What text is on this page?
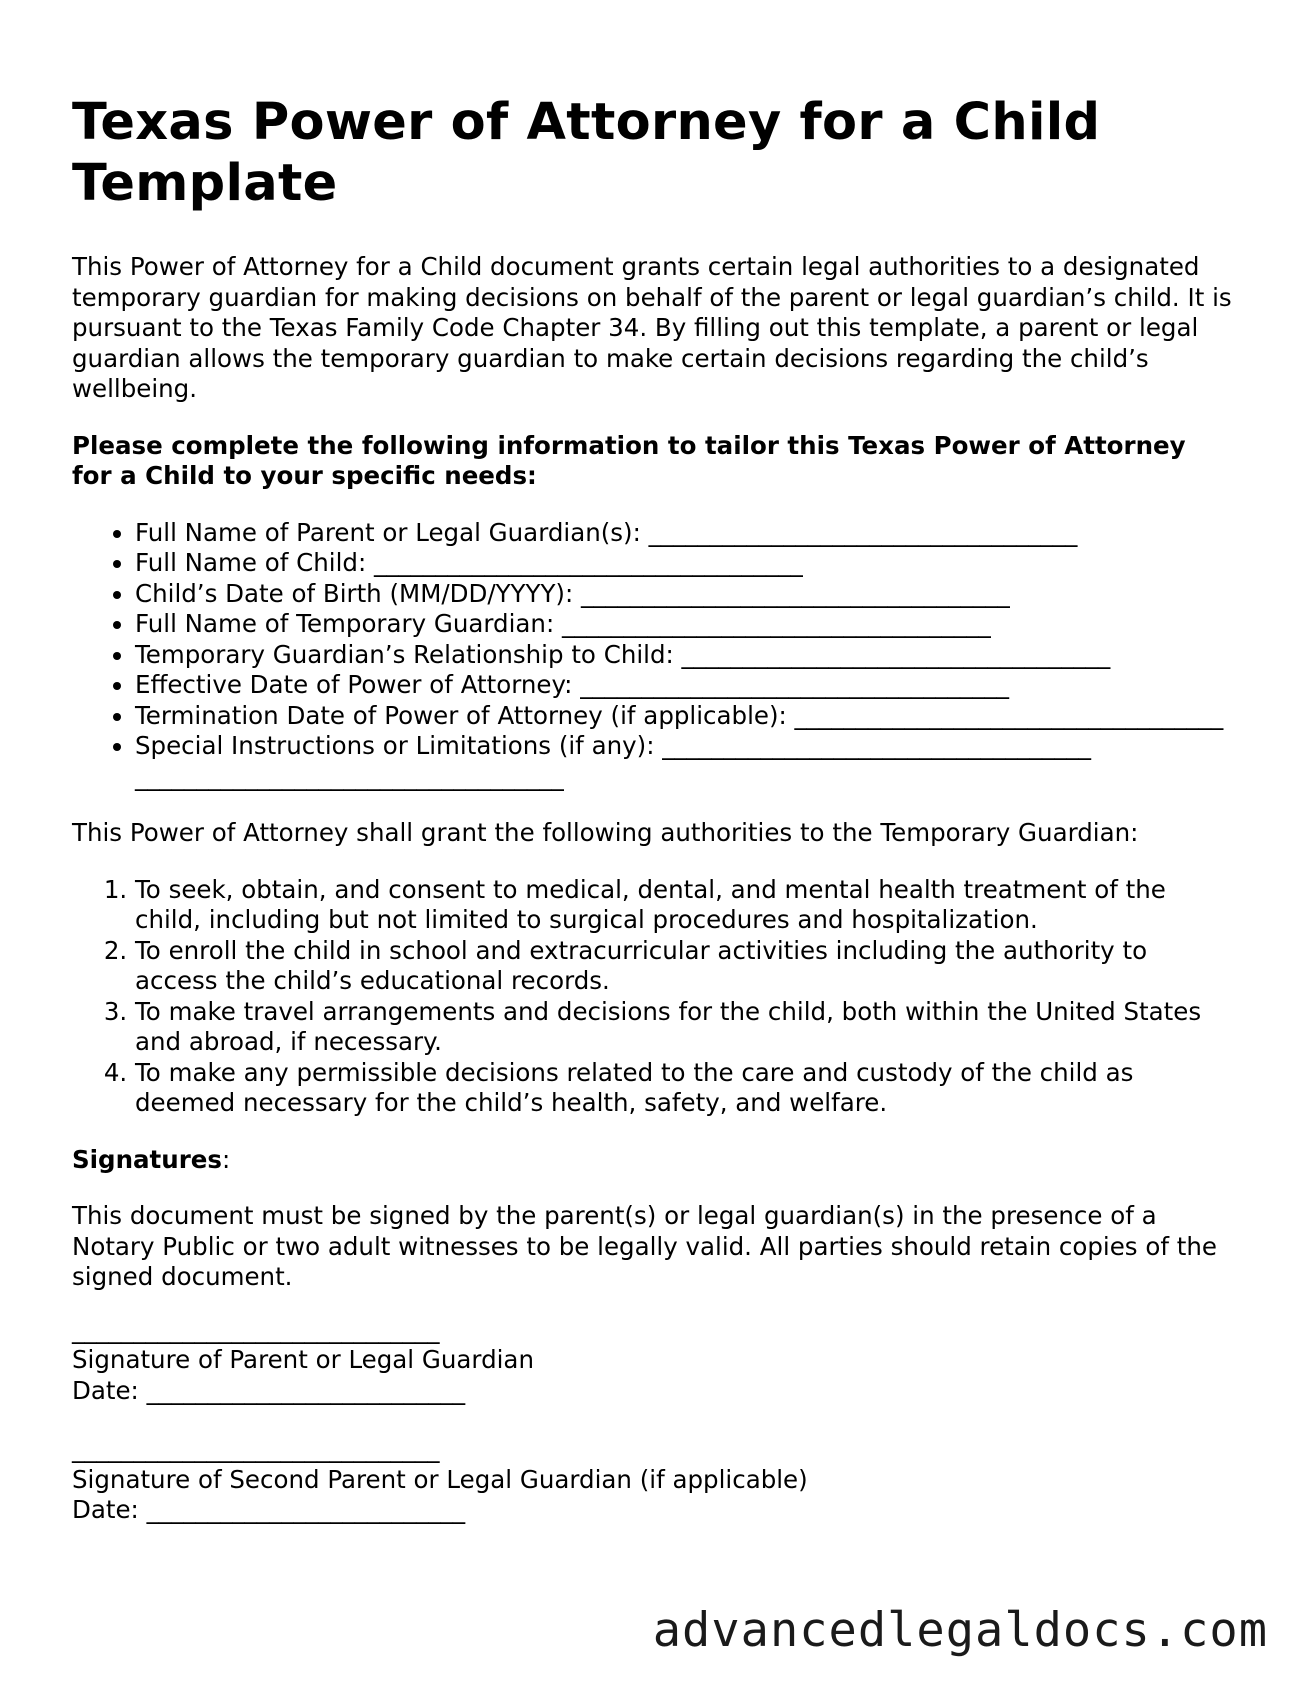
Texas Power of Attorney for a Child Template

This Power of Attorney for a Child document grants certain legal authorities to a designated temporary guardian for making decisions on behalf of the parent or legal guardian’s child. It is pursuant to the Texas Family Code Chapter 34. By filling out this template, a parent or legal guardian allows the temporary guardian to make certain decisions regarding the child’s wellbeing.

Please complete the following information to tailor this Texas Power of Attorney for a Child to your specific needs:

• Full Name of Parent or Legal Guardian(s): ___________________________________
• Full Name of Child: ___________________________________
• Child’s Date of Birth (MM/DD/YYYY): ___________________________________
• Full Name of Temporary Guardian: ___________________________________
• Temporary Guardian’s Relationship to Child: ___________________________________
• Effective Date of Power of Attorney: ___________________________________
• Termination Date of Power of Attorney (if applicable): ___________________________________
• Special Instructions or Limitations (if any): ___________________________________ ___________________________________

This Power of Attorney shall grant the following authorities to the Temporary Guardian:

1. To seek, obtain, and consent to medical, dental, and mental health treatment of the child, including but not limited to surgical procedures and hospitalization.
2. To enroll the child in school and extracurricular activities including the authority to access the child’s educational records.
3. To make travel arrangements and decisions for the child, both within the United States and abroad, if necessary.
4. To make any permissible decisions related to the care and custody of the child as deemed necessary for the child’s health, safety, and welfare.

Signatures:

This document must be signed by the parent(s) or legal guardian(s) in the presence of a Notary Public or two adult witnesses to be legally valid. All parties should retain copies of the signed document.

______________________________

Signature of Parent or Legal Guardian

Date: __________________________

______________________________

Signature of Second Parent or Legal Guardian (if applicable)

Date: __________________________

advancedlegaldocs.com
